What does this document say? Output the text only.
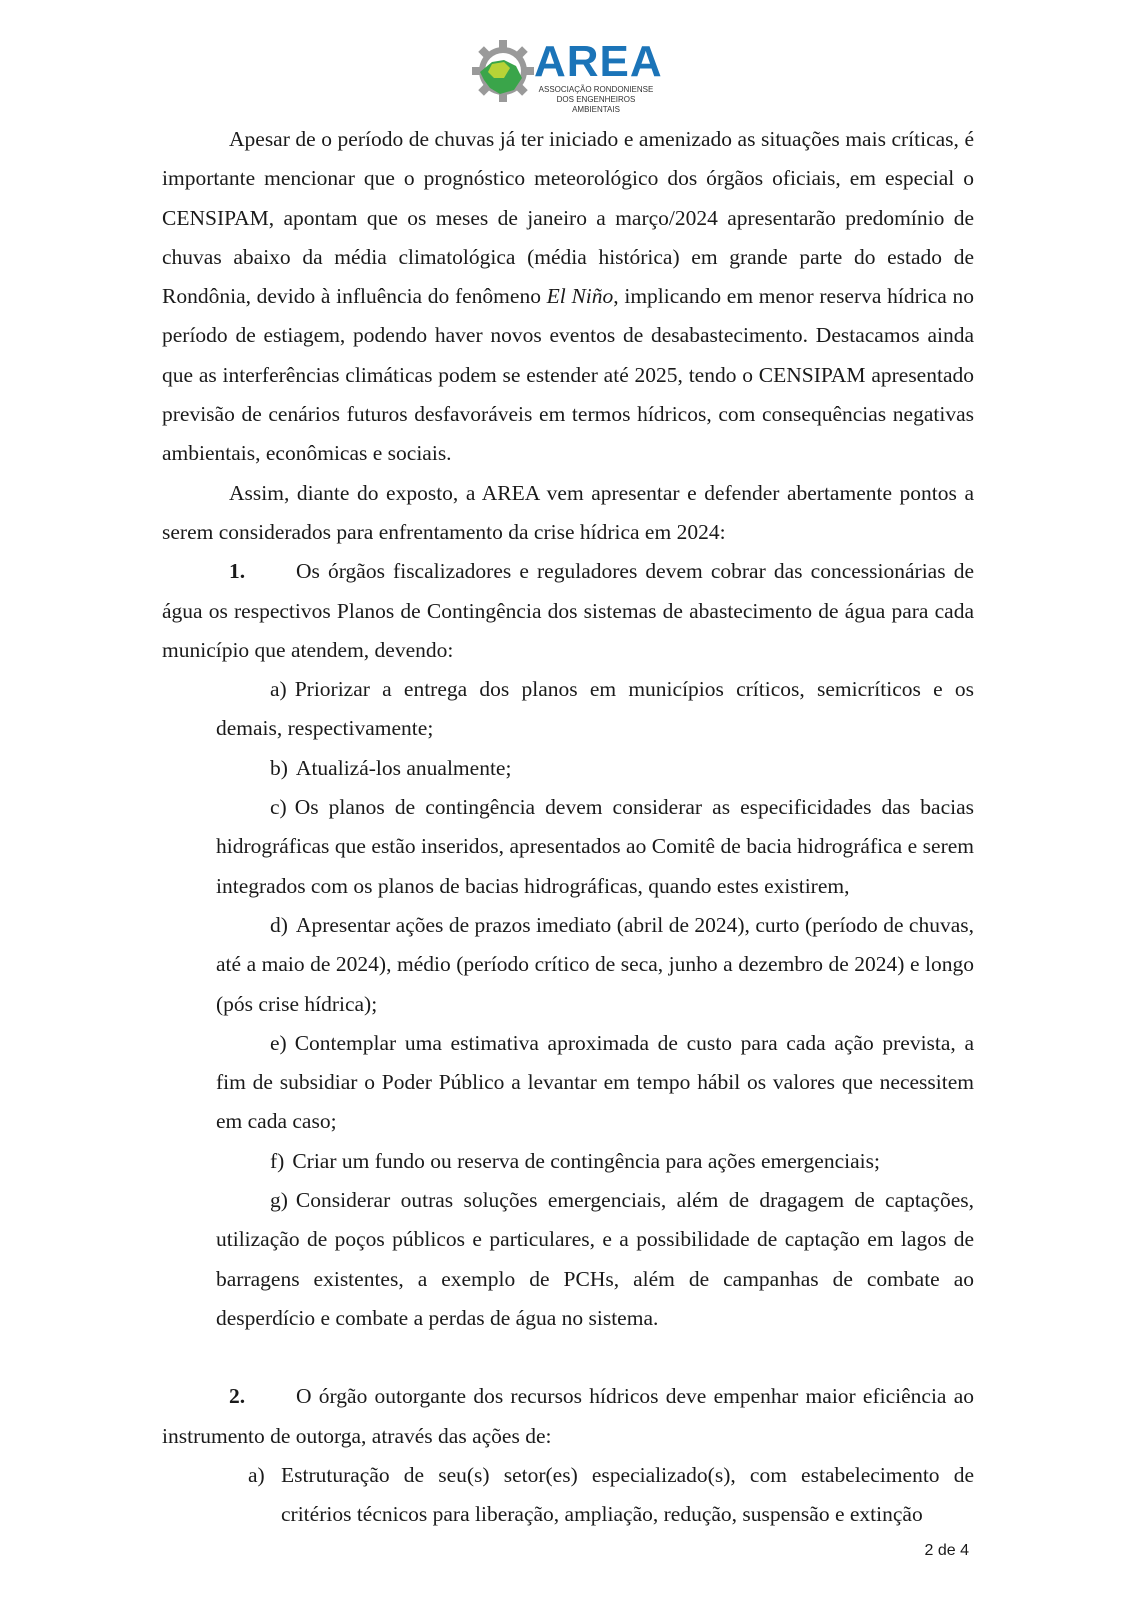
AREA
ASSOCIAÇÃO RONDONIENSE DOS ENGENHEIROS AMBIENTAIS

Apesar de o período de chuvas já ter iniciado e amenizado as situações mais críticas, é importante mencionar que o prognóstico meteorológico dos órgãos oficiais, em especial o CENSIPAM, apontam que os meses de janeiro a março/2024 apresentarão predomínio de chuvas abaixo da média climatológica (média histórica) em grande parte do estado de Rondônia, devido à influência do fenômeno El Niño, implicando em menor reserva hídrica no período de estiagem, podendo haver novos eventos de desabastecimento. Destacamos ainda que as interferências climáticas podem se estender até 2025, tendo o CENSIPAM apresentado previsão de cenários futuros desfavoráveis em termos hídricos, com consequências negativas ambientais, econômicas e sociais.

Assim, diante do exposto, a AREA vem apresentar e defender abertamente pontos a serem considerados para enfrentamento da crise hídrica em 2024:

1. Os órgãos fiscalizadores e reguladores devem cobrar das concessionárias de água os respectivos Planos de Contingência dos sistemas de abastecimento de água para cada município que atendem, devendo:

a) Priorizar a entrega dos planos em municípios críticos, semicríticos e os demais, respectivamente;

b) Atualizá-los anualmente;

c) Os planos de contingência devem considerar as especificidades das bacias hidrográficas que estão inseridos, apresentados ao Comitê de bacia hidrográfica e serem integrados com os planos de bacias hidrográficas, quando estes existirem,

d) Apresentar ações de prazos imediato (abril de 2024), curto (período de chuvas, até a maio de 2024), médio (período crítico de seca, junho a dezembro de 2024) e longo (pós crise hídrica);

e) Contemplar uma estimativa aproximada de custo para cada ação prevista, a fim de subsidiar o Poder Público a levantar em tempo hábil os valores que necessitem em cada caso;

f) Criar um fundo ou reserva de contingência para ações emergenciais;

g) Considerar outras soluções emergenciais, além de dragagem de captações, utilização de poços públicos e particulares, e a possibilidade de captação em lagos de barragens existentes, a exemplo de PCHs, além de campanhas de combate ao desperdício e combate a perdas de água no sistema.

2. O órgão outorgante dos recursos hídricos deve empenhar maior eficiência ao instrumento de outorga, através das ações de:

a) Estruturação de seu(s) setor(es) especializado(s), com estabelecimento de critérios técnicos para liberação, ampliação, redução, suspensão e extinção

2 de 4
